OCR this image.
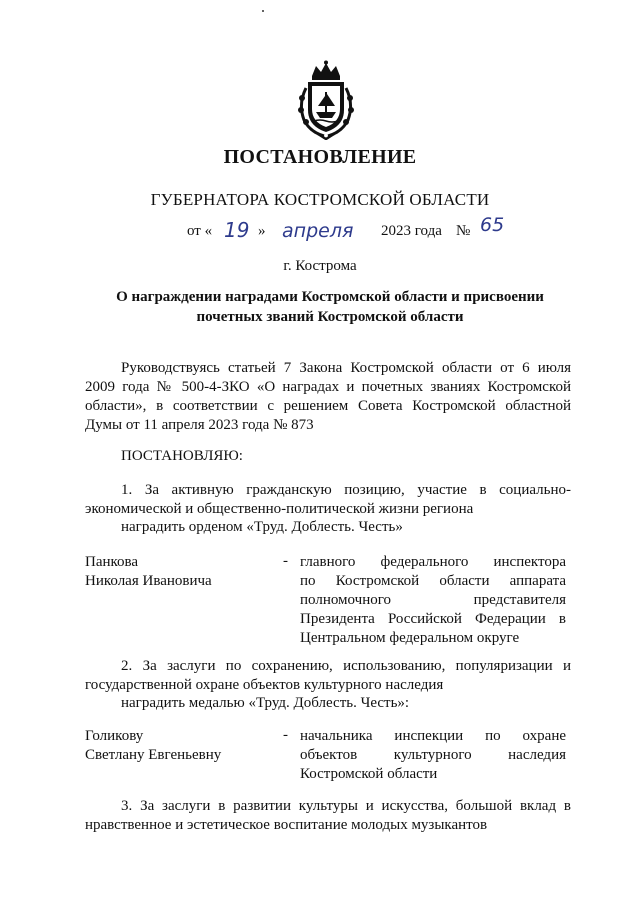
ПОСТАНОВЛЕНИЕ
ГУБЕРНАТОРА КОСТРОМСКОЙ ОБЛАСТИ
от « 19 » апреля 2023 года № 65
г. Кострома
О награждении наградами Костромской области и присвоении
почетных званий Костромской области
Руководствуясь статьей 7 Закона Костромской области от 6 июля
2009 года № 500-4-ЗКО «О наградах и почетных званиях Костромской
области», в соответствии с решением Совета Костромской областной
Думы от 11 апреля 2023 года № 873
ПОСТАНОВЛЯЮ:
1. За активную гражданскую позицию, участие в социально-
экономической и общественно-политической жизни региона
наградить орденом «Труд. Доблесть. Честь»
Панкова
Николая Ивановича
- главного федерального инспектора
по Костромской области аппарата
полномочного представителя
Президента Российской Федерации в
Центральном федеральном округе
2. За заслуги по сохранению, использованию, популяризации и
государственной охране объектов культурного наследия
наградить медалью «Труд. Доблесть. Честь»:
Голикову
Светлану Евгеньевну
- начальника инспекции по охране
объектов культурного наследия
Костромской области
3. За заслуги в развитии культуры и искусства, большой вклад в
нравственное и эстетическое воспитание молодых музыкантов
